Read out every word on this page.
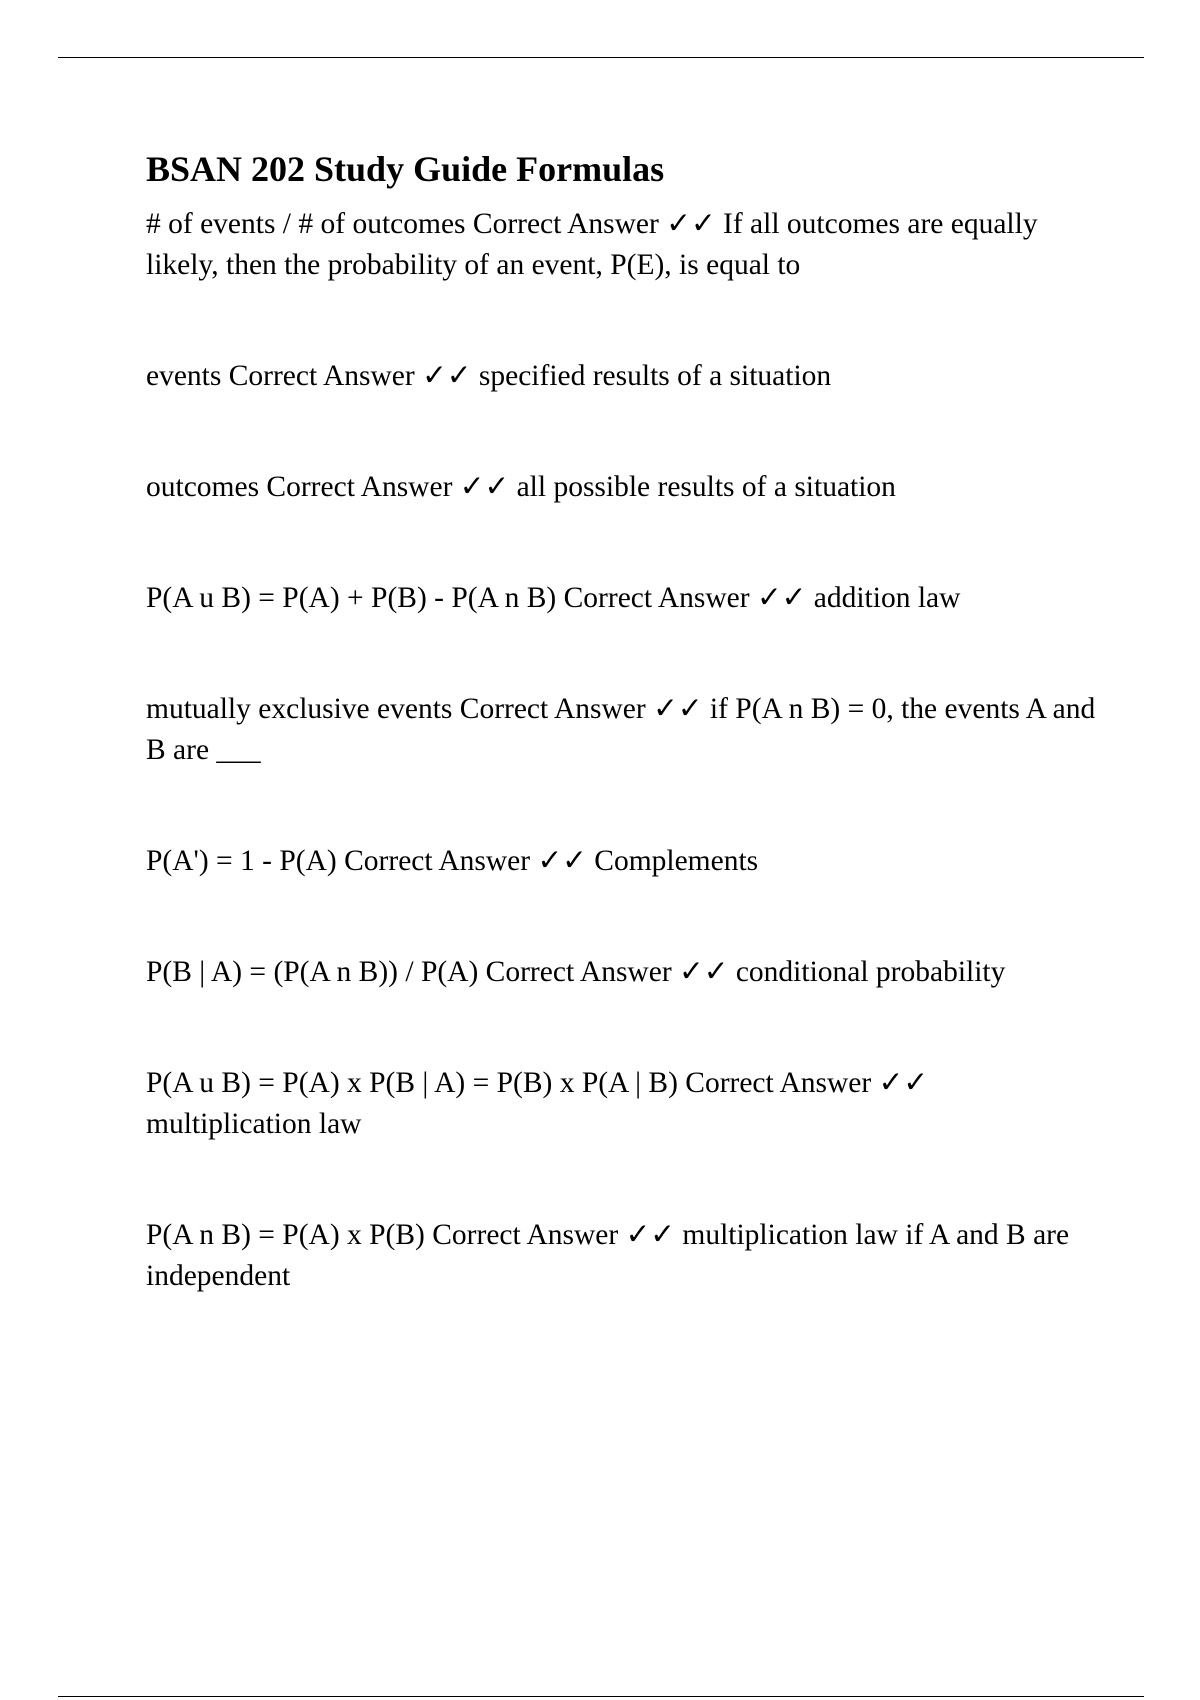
BSAN 202 Study Guide Formulas

# of events / # of outcomes Correct Answer ✓✓ If all outcomes are equally likely, then the probability of an event, P(E), is equal to

events Correct Answer ✓✓ specified results of a situation

outcomes Correct Answer ✓✓ all possible results of a situation

P(A u B) = P(A) + P(B) - P(A n B) Correct Answer ✓✓ addition law

mutually exclusive events Correct Answer ✓✓ if P(A n B) = 0, the events A and B are ___

P(A') = 1 - P(A) Correct Answer ✓✓ Complements

P(B | A) = (P(A n B)) / P(A) Correct Answer ✓✓ conditional probability

P(A u B) = P(A) x P(B | A) = P(B) x P(A | B) Correct Answer ✓✓ multiplication law

P(A n B) = P(A) x P(B) Correct Answer ✓✓ multiplication law if A and B are independent
